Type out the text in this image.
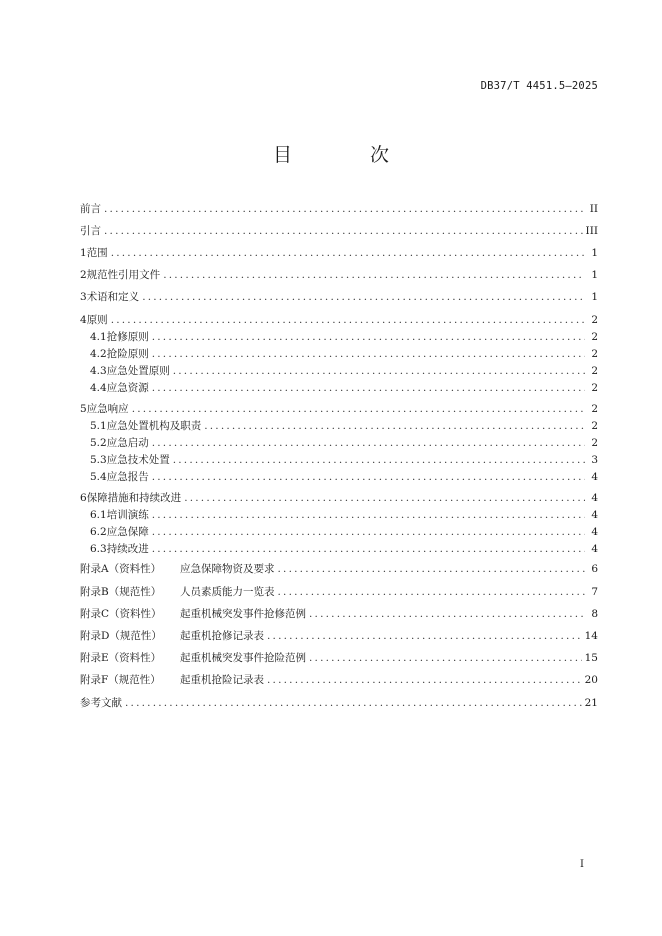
DB37/T 4451.5—2025
目 次
前言 .....	II
引言 .....	III
1 范围 .....	1
2 规范性引用文件 .....	1
3 术语和定义 .....	1
4 原则 .....	2
4.1 抢修原则 .....	2
4.2 抢险原则 .....	2
4.3 应急处置原则 .....	2
4.4 应急资源 .....	2
5 应急响应 .....	2
5.1 应急处置机构及职责 .....	2
5.2 应急启动 .....	2
5.3 应急技术处置 .....	3
5.4 应急报告 .....	4
6 保障措施和持续改进 .....	4
6.1 培训演练 .....	4
6.2 应急保障 .....	4
6.3 持续改进 .....	4
附录A（资料性）	应急保障物资及要求 .....	6
附录B（规范性）	人员素质能力一览表 .....	7
附录C（资料性）	起重机械突发事件抢修范例 .....	8
附录D（规范性）	起重机抢修记录表 .....	14
附录E（资料性）	起重机械突发事件抢险范例 .....	15
附录F（规范性）	起重机抢险记录表 .....	20
参考文献 .....	21
I
